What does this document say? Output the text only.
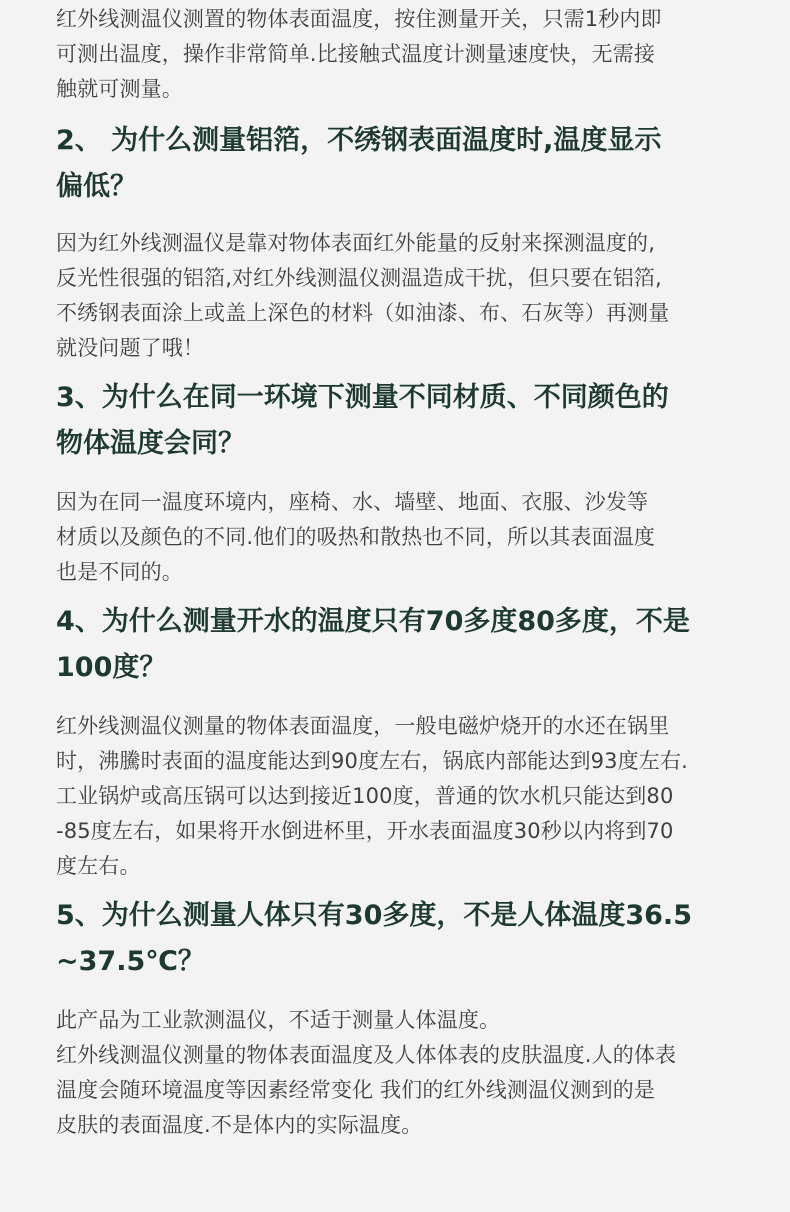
红外线测温仪测置的物体表面温度，按住测量开关，只需1秒内即
可测出温度，操作非常简单.比接触式温度计测量速度快，无需接
触就可测量。

2、 为什么测量铝箔，不绣钢表面温度时,温度显示
偏低？

因为红外线测温仪是靠对物体表面红外能量的反射来探测温度的,
反光性很强的铝箔,对红外线测温仪测温造成干扰，但只要在铝箔,
不绣钢表面涂上或盖上深色的材料（如油漆、布、石灰等）再测量
就没问题了哦！

3、为什么在同一环境下测量不同材质、不同颜色的
物体温度会同？

因为在同一温度环境内，座椅、水、墙壁、地面、衣服、沙发等
材质以及颜色的不同.他们的吸热和散热也不同，所以其表面温度
也是不同的。

4、为什么测量开水的温度只有70多度80多度，不是
100度？

红外线测温仪测量的物体表面温度，一般电磁炉烧开的水还在锅里
时，沸騰时表面的温度能达到90度左右，锅底内部能达到93度左右.
工业锅炉或高压锅可以达到接近100度，普通的饮水机只能达到80
-85度左右，如果将开水倒进杯里，开水表面温度30秒以内将到70
度左右。

5、为什么测量人体只有30多度，不是人体温度36.5
~37.5℃？

此产品为工业款测温仪，不适于测量人体温度。
红外线测温仪测量的物体表面温度及人体体表的皮肤温度.人的体表
温度会随环境温度等因素经常变化 我们的红外线测温仪测到的是
皮肤的表面温度.不是体内的实际温度。
